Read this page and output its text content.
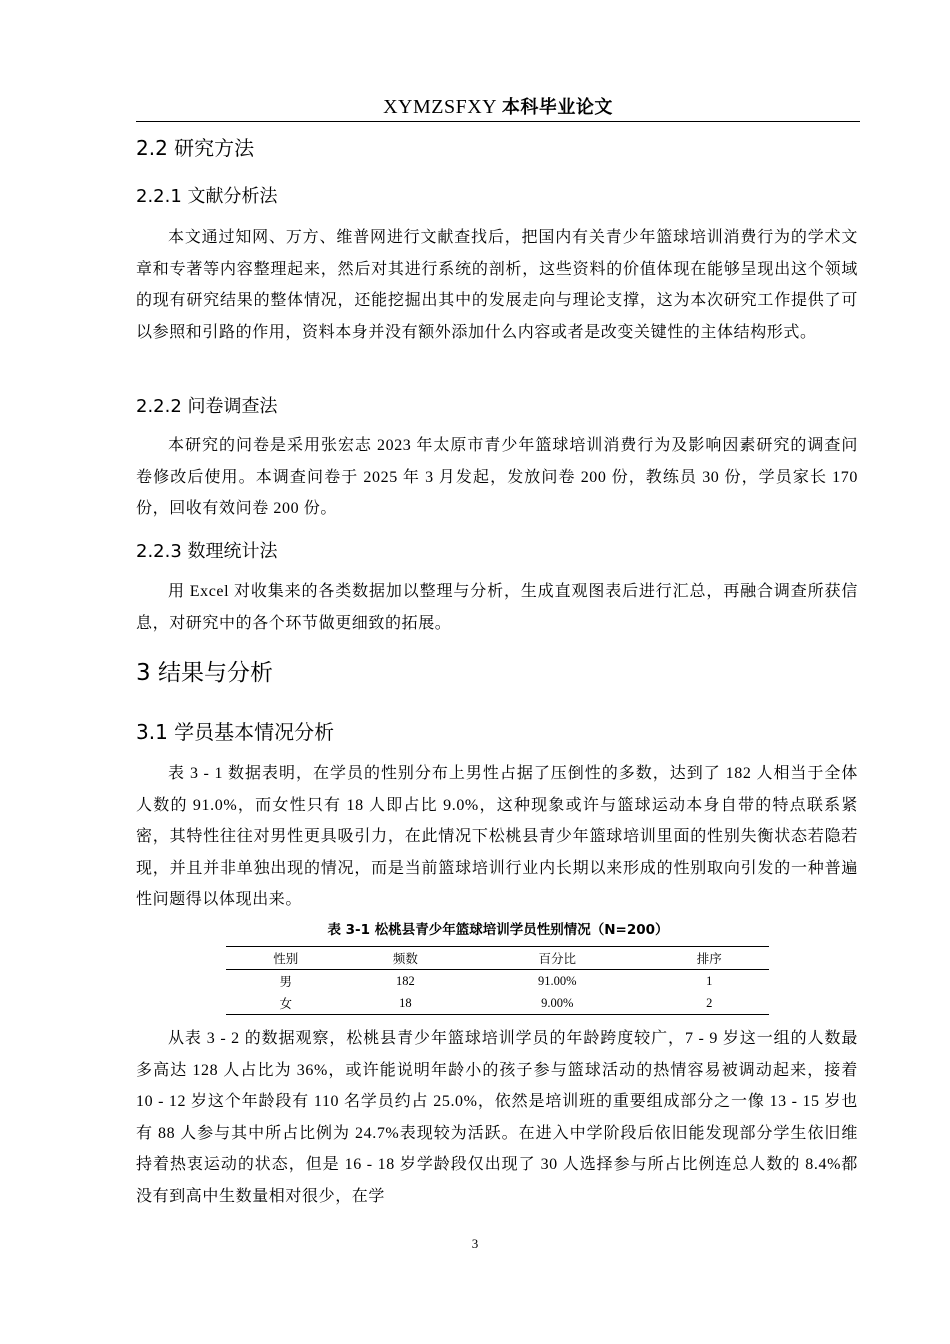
XYMZSFXY 本科毕业论文
2.2 研究方法
2.2.1 文献分析法
本文通过知网、万方、维普网进行文献查找后，把国内有关青少年篮球培训消费行为的学术文章和专著等内容整理起来，然后对其进行系统的剖析，这些资料的价值体现在能够呈现出这个领域的现有研究结果的整体情况，还能挖掘出其中的发展走向与理论支撑，这为本次研究工作提供了可以参照和引路的作用，资料本身并没有额外添加什么内容或者是改变关键性的主体结构形式。
2.2.2 问卷调查法
本研究的问卷是采用张宏志 2023 年太原市青少年篮球培训消费行为及影响因素研究的调查问卷修改后使用。本调查问卷于 2025 年 3 月发起，发放问卷 200 份，教练员 30 份，学员家长 170 份，回收有效问卷 200 份。
2.2.3 数理统计法
用 Excel 对收集来的各类数据加以整理与分析，生成直观图表后进行汇总，再融合调查所获信息，对研究中的各个环节做更细致的拓展。
3 结果与分析
3.1 学员基本情况分析
表 3 - 1 数据表明，在学员的性别分布上男性占据了压倒性的多数，达到了 182 人相当于全体人数的 91.0%，而女性只有 18 人即占比 9.0%，这种现象或许与篮球运动本身自带的特点联系紧密，其特性往往对男性更具吸引力，在此情况下松桃县青少年篮球培训里面的性别失衡状态若隐若现，并且并非单独出现的情况，而是当前篮球培训行业内长期以来形成的性别取向引发的一种普遍性问题得以体现出来。
表 3-1 松桃县青少年篮球培训学员性别情况（N=200）
性别	频数	百分比	排序
男	182	91.00%	1
女	18	9.00%	2
从表 3 - 2 的数据观察，松桃县青少年篮球培训学员的年龄跨度较广，7 - 9 岁这一组的人数最多高达 128 人占比为 36%，或许能说明年龄小的孩子参与篮球活动的热情容易被调动起来，接着 10 - 12 岁这个年龄段有 110 名学员约占 25.0%，依然是培训班的重要组成部分之一像 13 - 15 岁也有 88 人参与其中所占比例为 24.7%表现较为活跃。在进入中学阶段后依旧能发现部分学生依旧维持着热衷运动的状态，但是 16 - 18 岁学龄段仅出现了 30 人选择参与所占比例连总人数的 8.4%都没有到高中生数量相对很少，在学
3
